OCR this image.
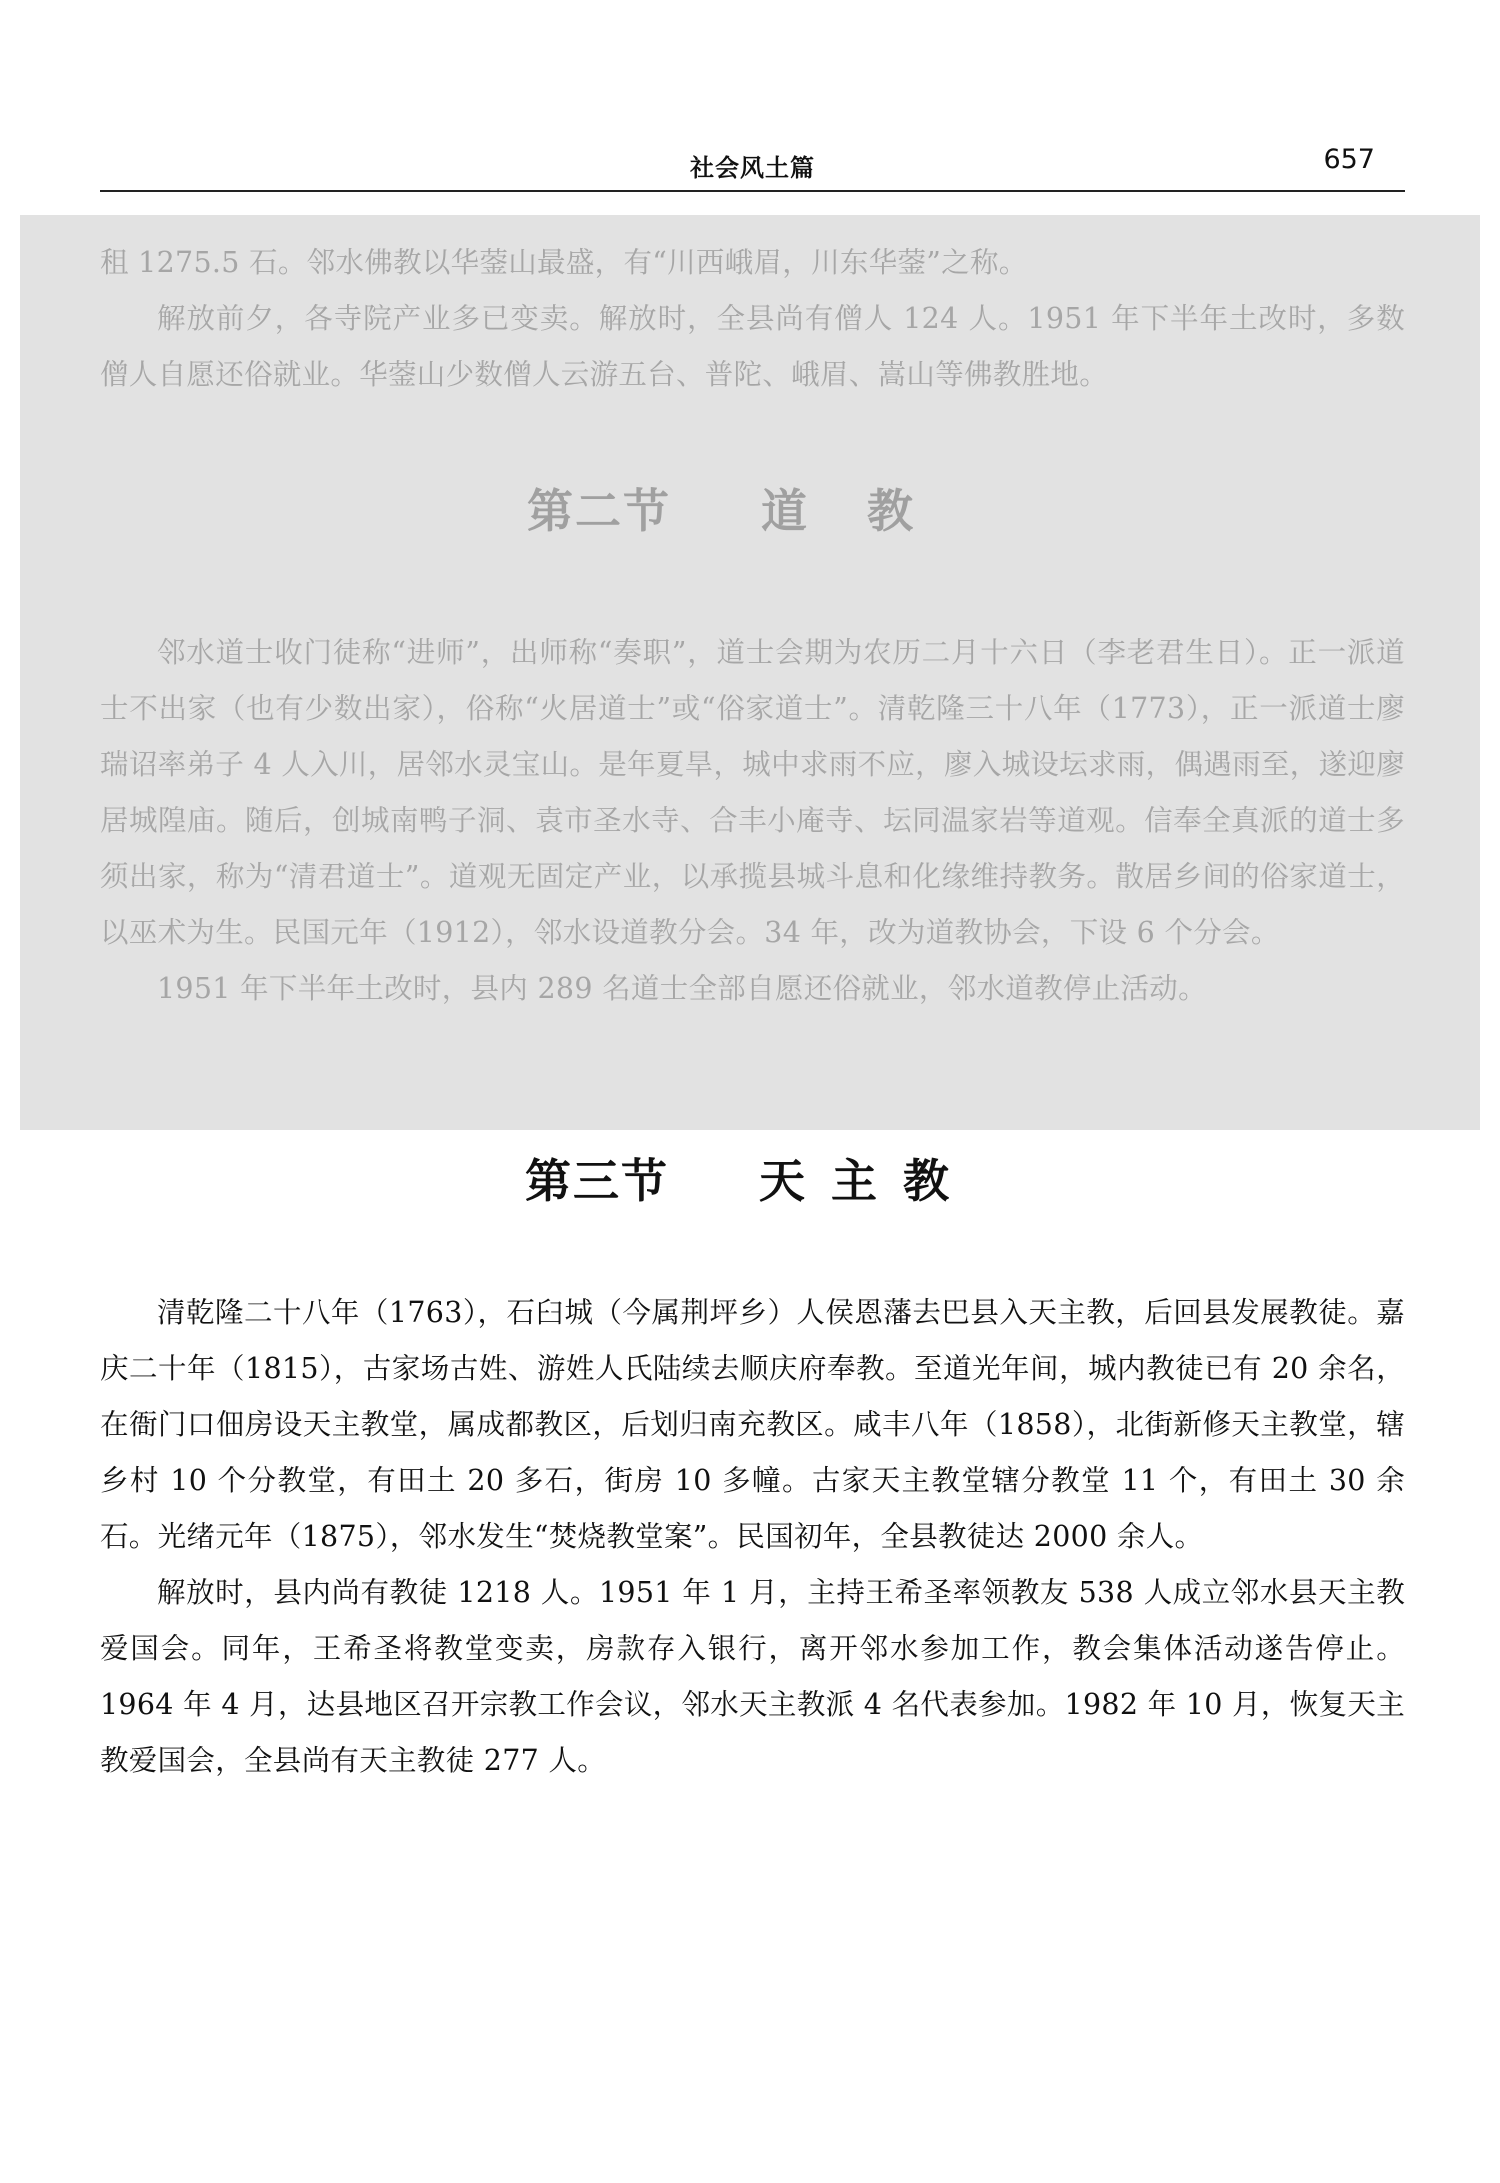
社会风土篇	657

租 1275.5 石。邻水佛教以华蓥山最盛，有“川西峨眉，川东华蓥”之称。

解放前夕，各寺院产业多已变卖。解放时，全县尚有僧人 124 人。1951 年下半年土改时，多数僧人自愿还俗就业。华蓥山少数僧人云游五台、普陀、峨眉、嵩山等佛教胜地。

第二节 道教

邻水道士收门徒称“进师”，出师称“奏职”，道士会期为农历二月十六日（李老君生日）。正一派道士不出家（也有少数出家），俗称“火居道士”或“俗家道士”。清乾隆三十八年（1773），正一派道士廖瑞诏率弟子 4 人入川，居邻水灵宝山。是年夏旱，城中求雨不应，廖入城设坛求雨，偶遇雨至，遂迎廖居城隍庙。随后，创城南鸭子洞、袁市圣水寺、合丰小庵寺、坛同温家岩等道观。信奉全真派的道士多须出家，称为“清君道士”。道观无固定产业，以承揽县城斗息和化缘维持教务。散居乡间的俗家道士，以巫术为生。民国元年（1912），邻水设道教分会。34 年，改为道教协会，下设 6 个分会。

1951 年下半年土改时，县内 289 名道士全部自愿还俗就业，邻水道教停止活动。

第三节 天主教

清乾隆二十八年（1763），石臼城（今属荆坪乡）人侯恩藩去巴县入天主教，后回县发展教徒。嘉庆二十年（1815），古家场古姓、游姓人氏陆续去顺庆府奉教。至道光年间，城内教徒已有 20 余名，在衙门口佃房设天主教堂，属成都教区，后划归南充教区。咸丰八年（1858），北街新修天主教堂，辖乡村 10 个分教堂，有田土 20 多石，街房 10 多幢。古家天主教堂辖分教堂 11 个，有田土 30 余石。光绪元年（1875），邻水发生“焚烧教堂案”。民国初年，全县教徒达 2000 余人。

解放时，县内尚有教徒 1218 人。1951 年 1 月，主持王希圣率领教友 538 人成立邻水县天主教爱国会。同年，王希圣将教堂变卖，房款存入银行，离开邻水参加工作，教会集体活动遂告停止。1964 年 4 月，达县地区召开宗教工作会议，邻水天主教派 4 名代表参加。1982 年 10 月，恢复天主教爱国会，全县尚有天主教徒 277 人。
